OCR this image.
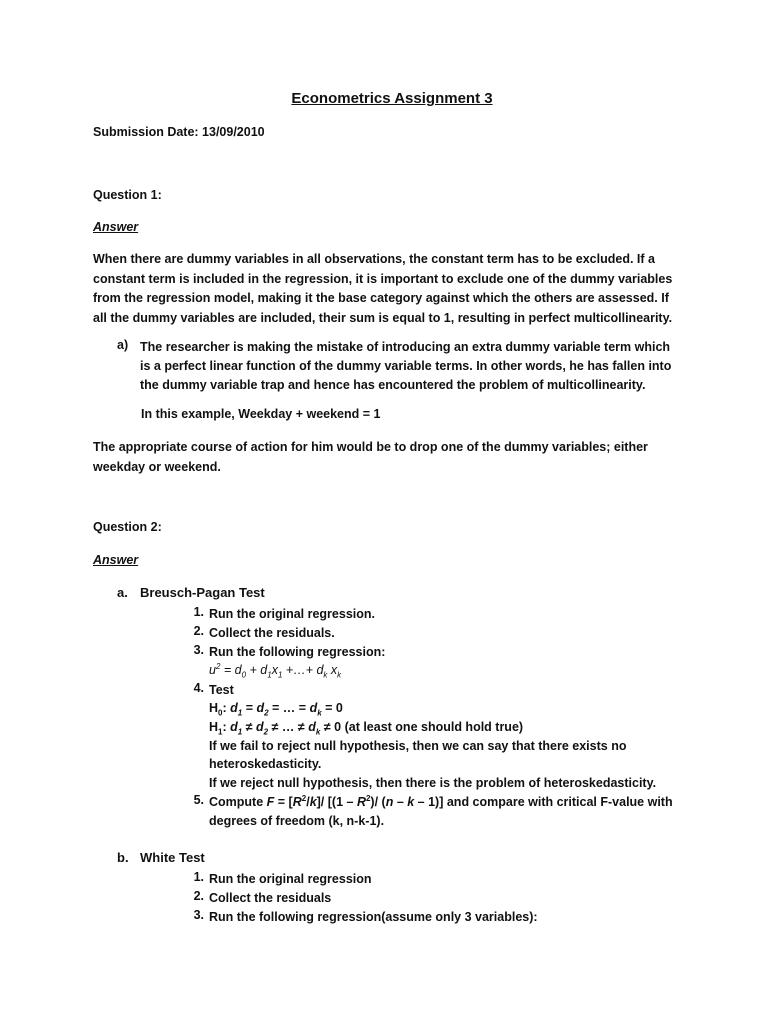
Econometrics Assignment 3
Submission Date: 13/09/2010
Question 1:
Answer
When there are dummy variables in all observations, the constant term has to be excluded. If a constant term is included in the regression, it is important to exclude one of the dummy variables from the regression model, making it the base category against which the others are assessed. If all the dummy variables are included, their sum is equal to 1, resulting in perfect multicollinearity.
a) The researcher is making the mistake of introducing an extra dummy variable term which is a perfect linear function of the dummy variable terms. In other words, he has fallen into the dummy variable trap and hence has encountered the problem of multicollinearity.
In this example, Weekday + weekend = 1
The appropriate course of action for him would be to drop one of the dummy variables; either weekday or weekend.
Question 2:
Answer
a. Breusch-Pagan Test
1. Run the original regression.
2. Collect the residuals.
3. Run the following regression:
$u^2 = d_0 + d_1x_1$ +…+ $d_k$ $x_k$
4. Test
$H_0$: $d_1 = d_2$ = … = $d_k = 0$
$H_1$: $d_1 \ne d_2$ ≠ … ≠ $d_k \ne 0$ (at least one should hold true)
If we fail to reject null hypothesis, then we can say that there exists no
heteroskedasticity.
If we reject null hypothesis, then there is the problem of heteroskedasticity.
5. Compute $F = [R^2/k]/$ [$(1 - R^2)/$ (n – k – 1)] and compare with critical F-value with
degrees of freedom (k, n-k-1).
b. White Test
1. Run the original regression
2. Collect the residuals
3. Run the following regression(assume only 3 variables):
